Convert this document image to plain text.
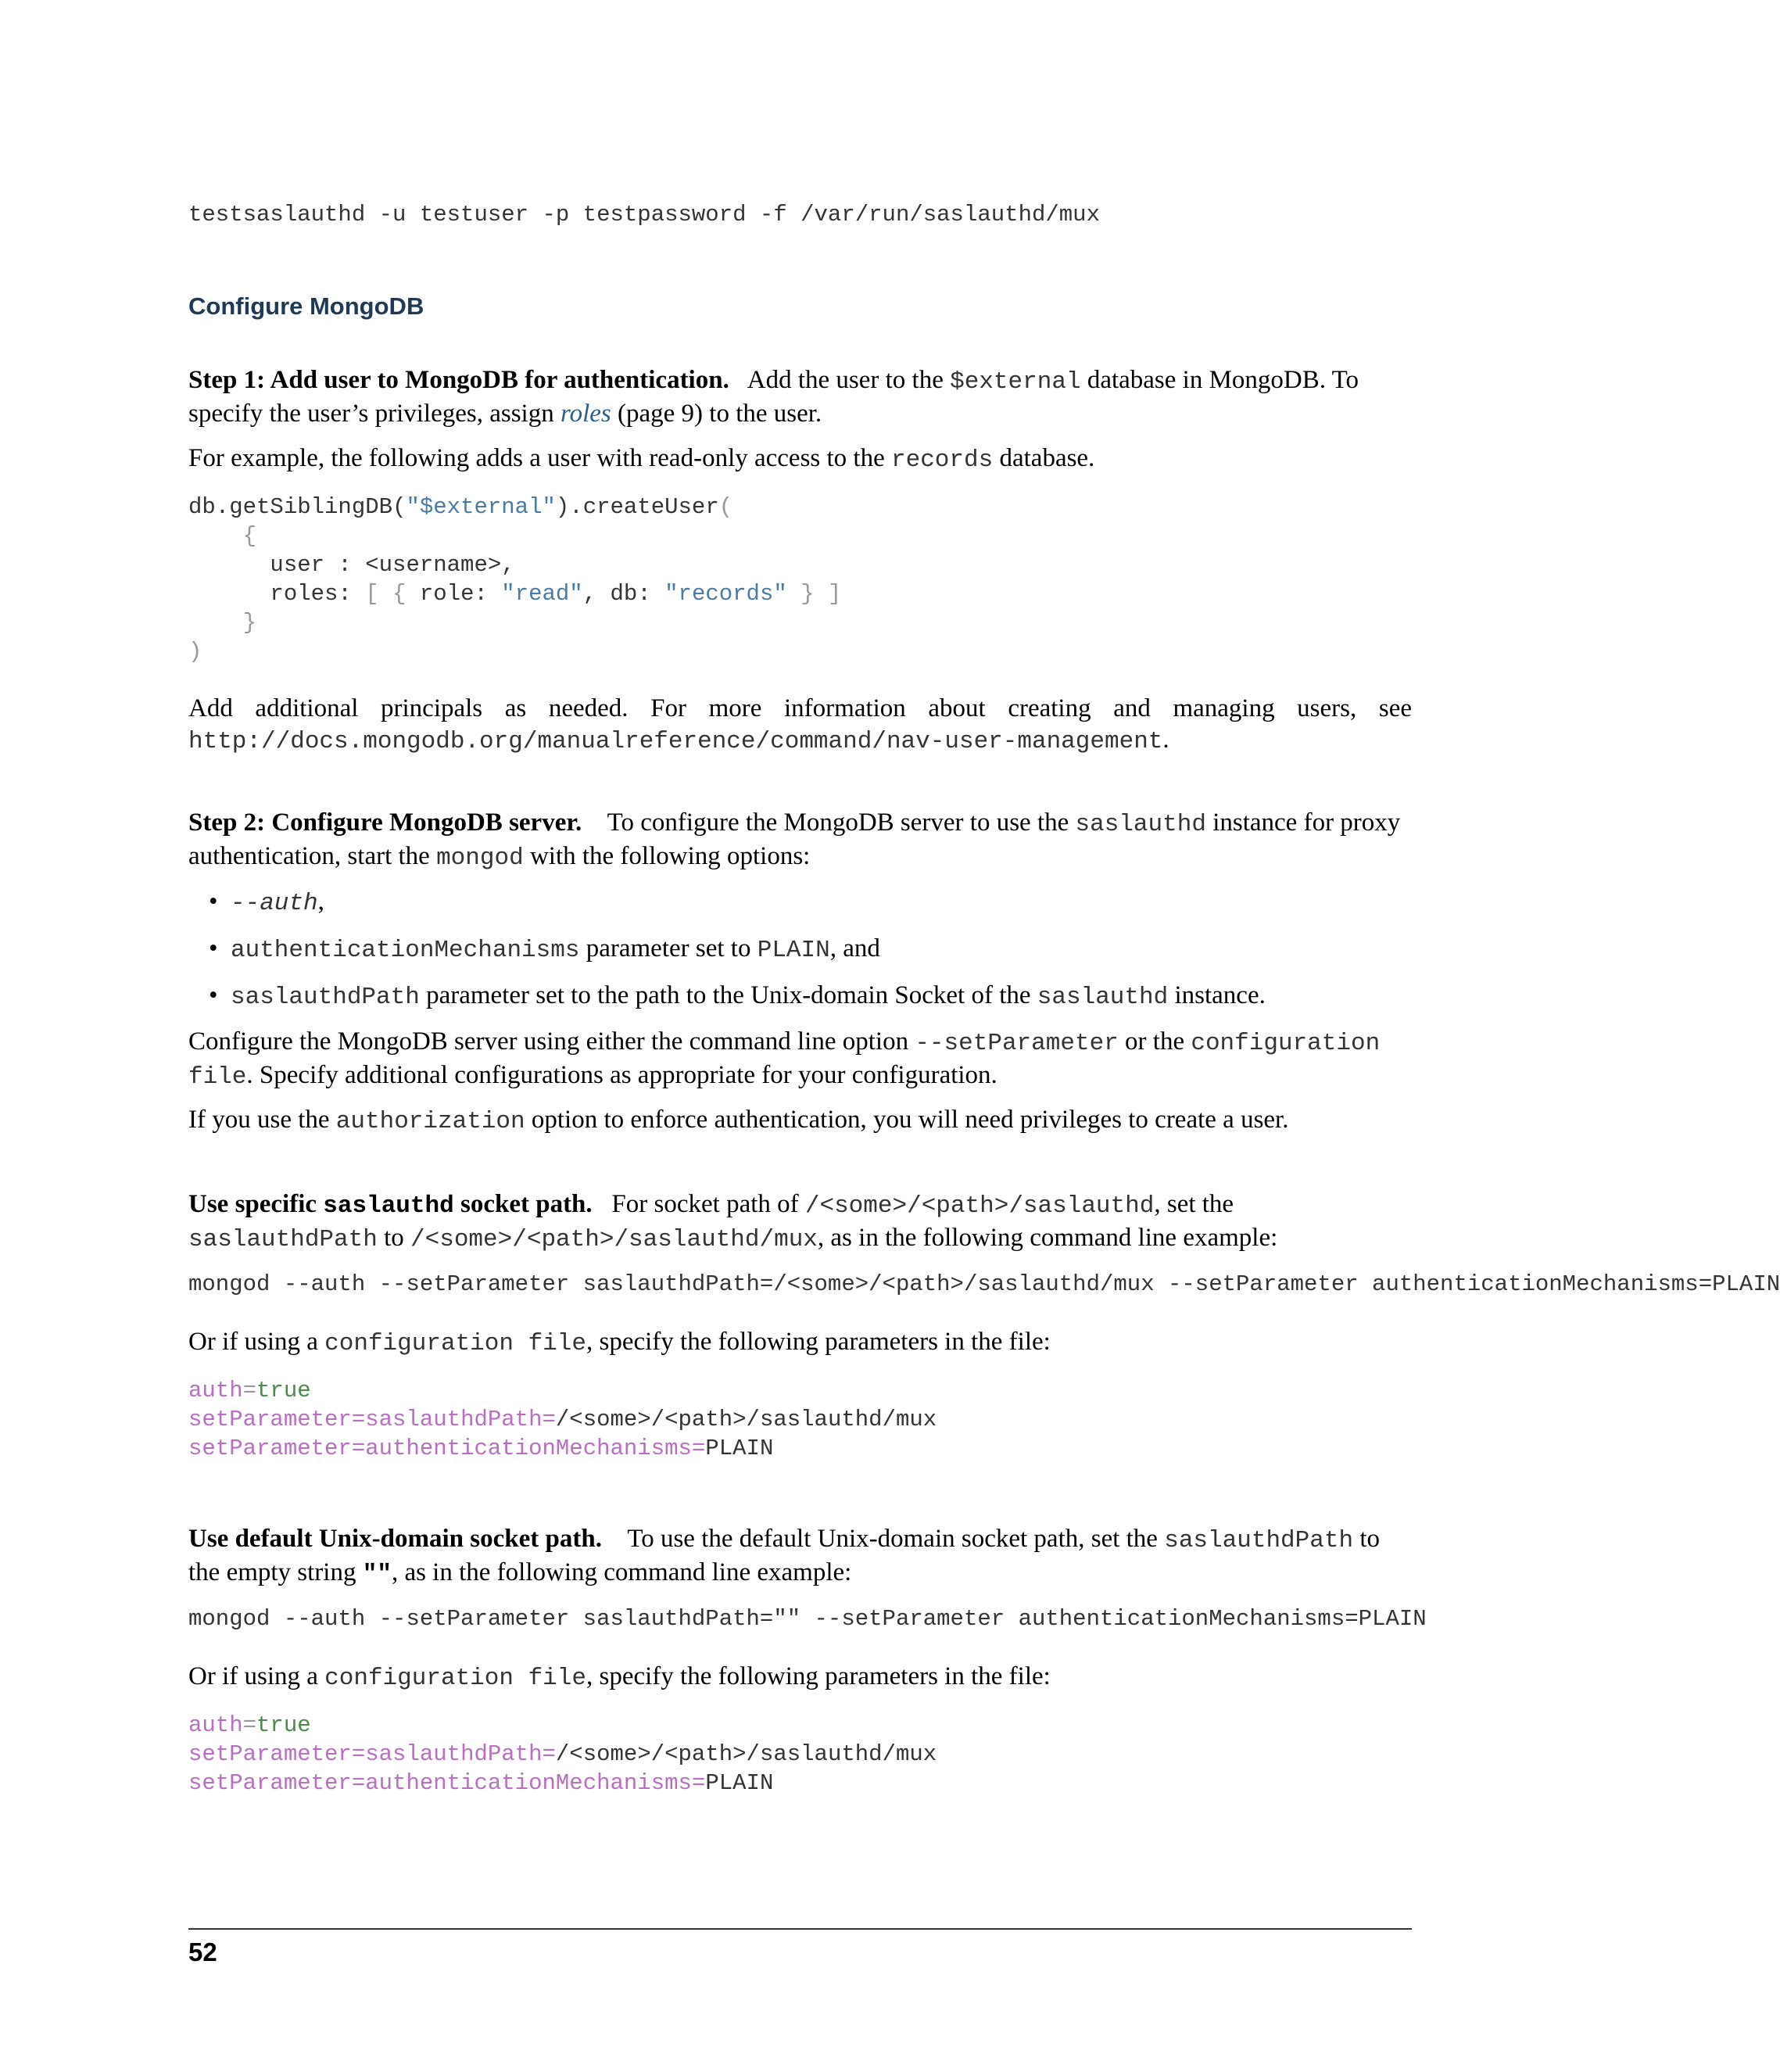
testsaslauthd -u testuser -p testpassword -f /var/run/saslauthd/mux
Configure MongoDB

Step 1: Add user to MongoDB for authentication. Add the user to the $external database in MongoDB. To specify the user’s privileges, assign roles (page 9) to the user.

For example, the following adds a user with read-only access to the records database.

db.getSiblingDB("$external").createUser(
{
user : <username>,
roles: [ { role: "read", db: "records" } ]
}
)

Add additional principals as needed. For more information about creating and managing users, see

http://docs.mongodb.org/manualreference/command/nav-user-management.

Step 2: Configure MongoDB server. To configure the MongoDB server to use the saslauthd instance for proxy authentication, start the mongod with the following options:

• --auth,
• authenticationMechanisms parameter set to PLAIN, and
• saslauthdPath parameter set to the path to the Unix-domain Socket of the saslauthd instance.

Configure the MongoDB server using either the command line option --setParameter or the configuration file. Specify additional configurations as appropriate for your configuration.

If you use the authorization option to enforce authentication, you will need privileges to create a user.

Use specific saslauthd socket path. For socket path of /<some>/<path>/saslauthd, set the saslauthdPath to /<some>/<path>/saslauthd/mux, as in the following command line example:

mongod --auth --setParameter saslauthdPath=/<some>/<path>/saslauthd/mux --setParameter authenticationMechanisms=PLAIN

Or if using a configuration file, specify the following parameters in the file:

auth=true
setParameter=saslauthdPath=/<some>/<path>/saslauthd/mux
setParameter=authenticationMechanisms=PLAIN

Use default Unix-domain socket path. To use the default Unix-domain socket path, set the saslauthdPath to the empty string "", as in the following command line example:

mongod --auth --setParameter saslauthdPath="" --setParameter authenticationMechanisms=PLAIN

Or if using a configuration file, specify the following parameters in the file:

auth=true
setParameter=saslauthdPath=/<some>/<path>/saslauthd/mux
setParameter=authenticationMechanisms=PLAIN
52
